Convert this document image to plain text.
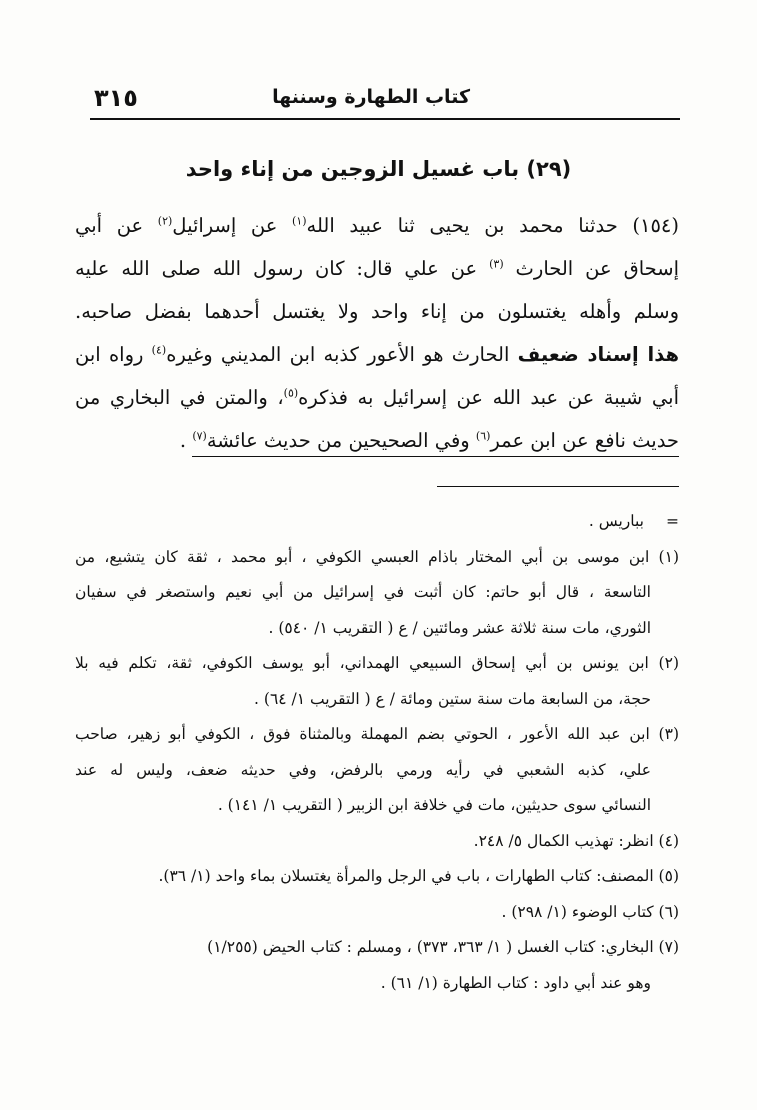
٣١٥	كتاب الطهارة وسننها
(٢٩) باب غسيل الزوجين من إناء واحد
(١٥٤) حدثنا محمد بن يحيى ثنا عبيد الله$^{(١)}$ عن إسرائيل$^{(٢)}$ عن أبي
إسحاق عن الحارث $^{(٣)}$ عن علي قال: كان رسول الله صلى الله عليه
وسلم وأهله يغتسلون من إناء واحد ولا يغتسل أحدهما بفضل صاحبه.
هذا إسناد ضعيف الحارث هو الأعور كذبه ابن المديني وغيره$^{(٤)}$ رواه ابن
أبي شيبة عن عبد الله عن إسرائيل به فذكره$^{(٥)}$، والمتن في البخاري من
حديث نافع عن ابن عمر$^{(٦)}$ وفي الصحيحين من حديث عائشة$^{(٧)}$ .
=بباريس .
(١) ابن موسى بن أبي المختار باذام العبسي الكوفي ، أبو محمد ، ثقة كان يتشيع، من
التاسعة ، قال أبو حاتم: كان أثبت في إسرائيل من أبي نعيم واستصغر في سفيان
الثوري، مات سنة ثلاثة عشر ومائتين / ع ( التقريب ١/ ٥٤٠) .
(٢) ابن يونس بن أبي إسحاق السبيعي الهمداني، أبو يوسف الكوفي، ثقة، تكلم فيه بلا
حجة، من السابعة مات سنة ستين ومائة / ع ( التقريب ١/ ٦٤) .
(٣) ابن عبد الله الأعور ، الحوتي بضم المهملة وبالمثناة فوق ، الكوفي أبو زهير، صاحب
علي، كذبه الشعبي في رأيه ورمي بالرفض، وفي حديثه ضعف، وليس له عند
النسائي سوى حديثين، مات في خلافة ابن الزبير ( التقريب ١/ ١٤١) .
(٤) انظر: تهذيب الكمال ٥/ ٢٤٨.
(٥) المصنف: كتاب الطهارات ، باب في الرجل والمرأة يغتسلان بماء واحد (١/ ٣٦).
(٦) كتاب الوضوء (١/ ٢٩٨) .
(٧) البخاري: كتاب الغسل ( ١/ ٣٦٣، ٣٧٣) ، ومسلم : كتاب الحيض (١/٢٥٥)
وهو عند أبي داود : كتاب الطهارة (١/ ٦١) .
